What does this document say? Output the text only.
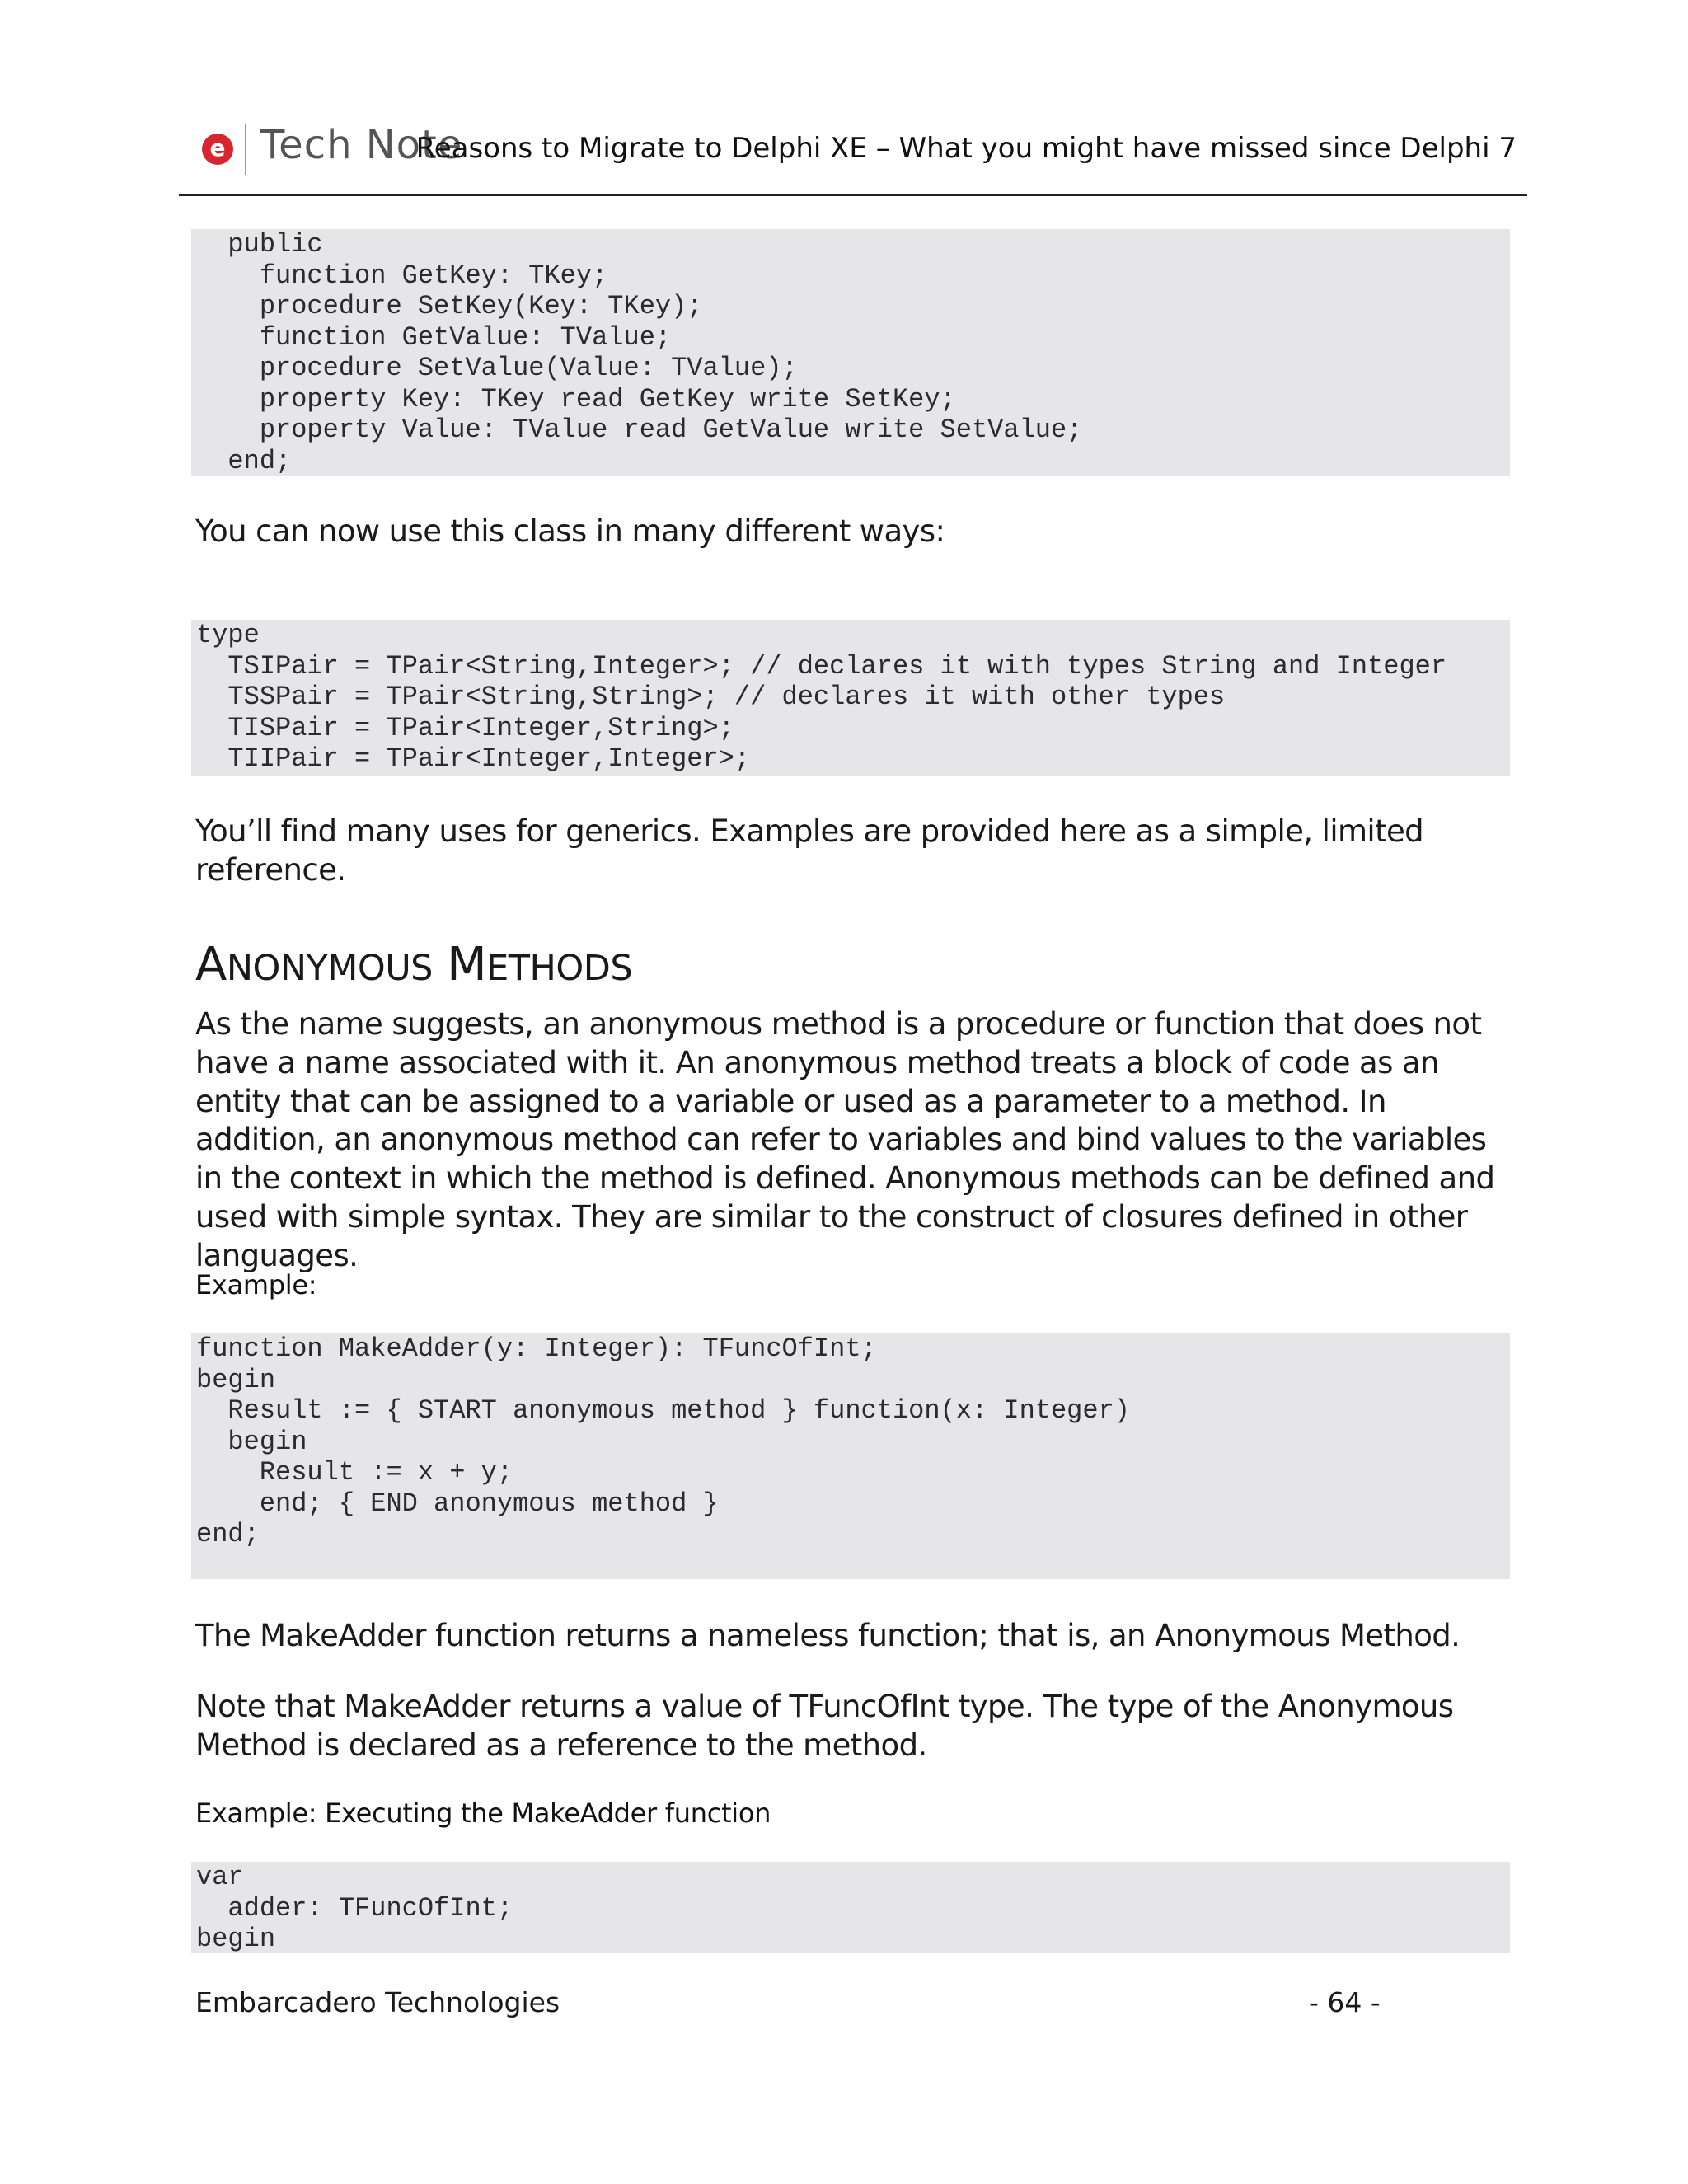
e Tech Note
Reasons to Migrate to Delphi XE – What you might have missed since Delphi 7
public
function GetKey: TKey;
procedure SetKey(Key: TKey);
function GetValue: TValue;
procedure SetValue(Value: TValue);
property Key: TKey read GetKey write SetKey;
property Value: TValue read GetValue write SetValue;
end;

You can now use this class in many different ways:

type
TSIPair = TPair<String,Integer>; // declares it with types String and Integer
TSSPair = TPair<String,String>; // declares it with other types
TISPair = TPair<Integer,String>;
TIIPair = TPair<Integer,Integer>;

You’ll find many uses for generics. Examples are provided here as a simple, limited reference.

ANONYMOUS METHODS

As the name suggests, an anonymous method is a procedure or function that does not have a name associated with it. An anonymous method treats a block of code as an entity that can be assigned to a variable or used as a parameter to a method. In addition, an anonymous method can refer to variables and bind values to the variables in the context in which the method is defined. Anonymous methods can be defined and used with simple syntax. They are similar to the construct of closures defined in other languages.

Example:
function MakeAdder(y: Integer): TFuncOfInt;
begin
Result := { START anonymous method } function(x: Integer)
begin
Result := x + y;
end; { END anonymous method }
end;

The MakeAdder function returns a nameless function; that is, an Anonymous Method.

Note that MakeAdder returns a value of TFuncOfInt type. The type of the Anonymous Method is declared as a reference to the method.

Example: Executing the MakeAdder function
var
adder: TFuncOfInt;
begin
Embarcadero Technologies	- 64 -
